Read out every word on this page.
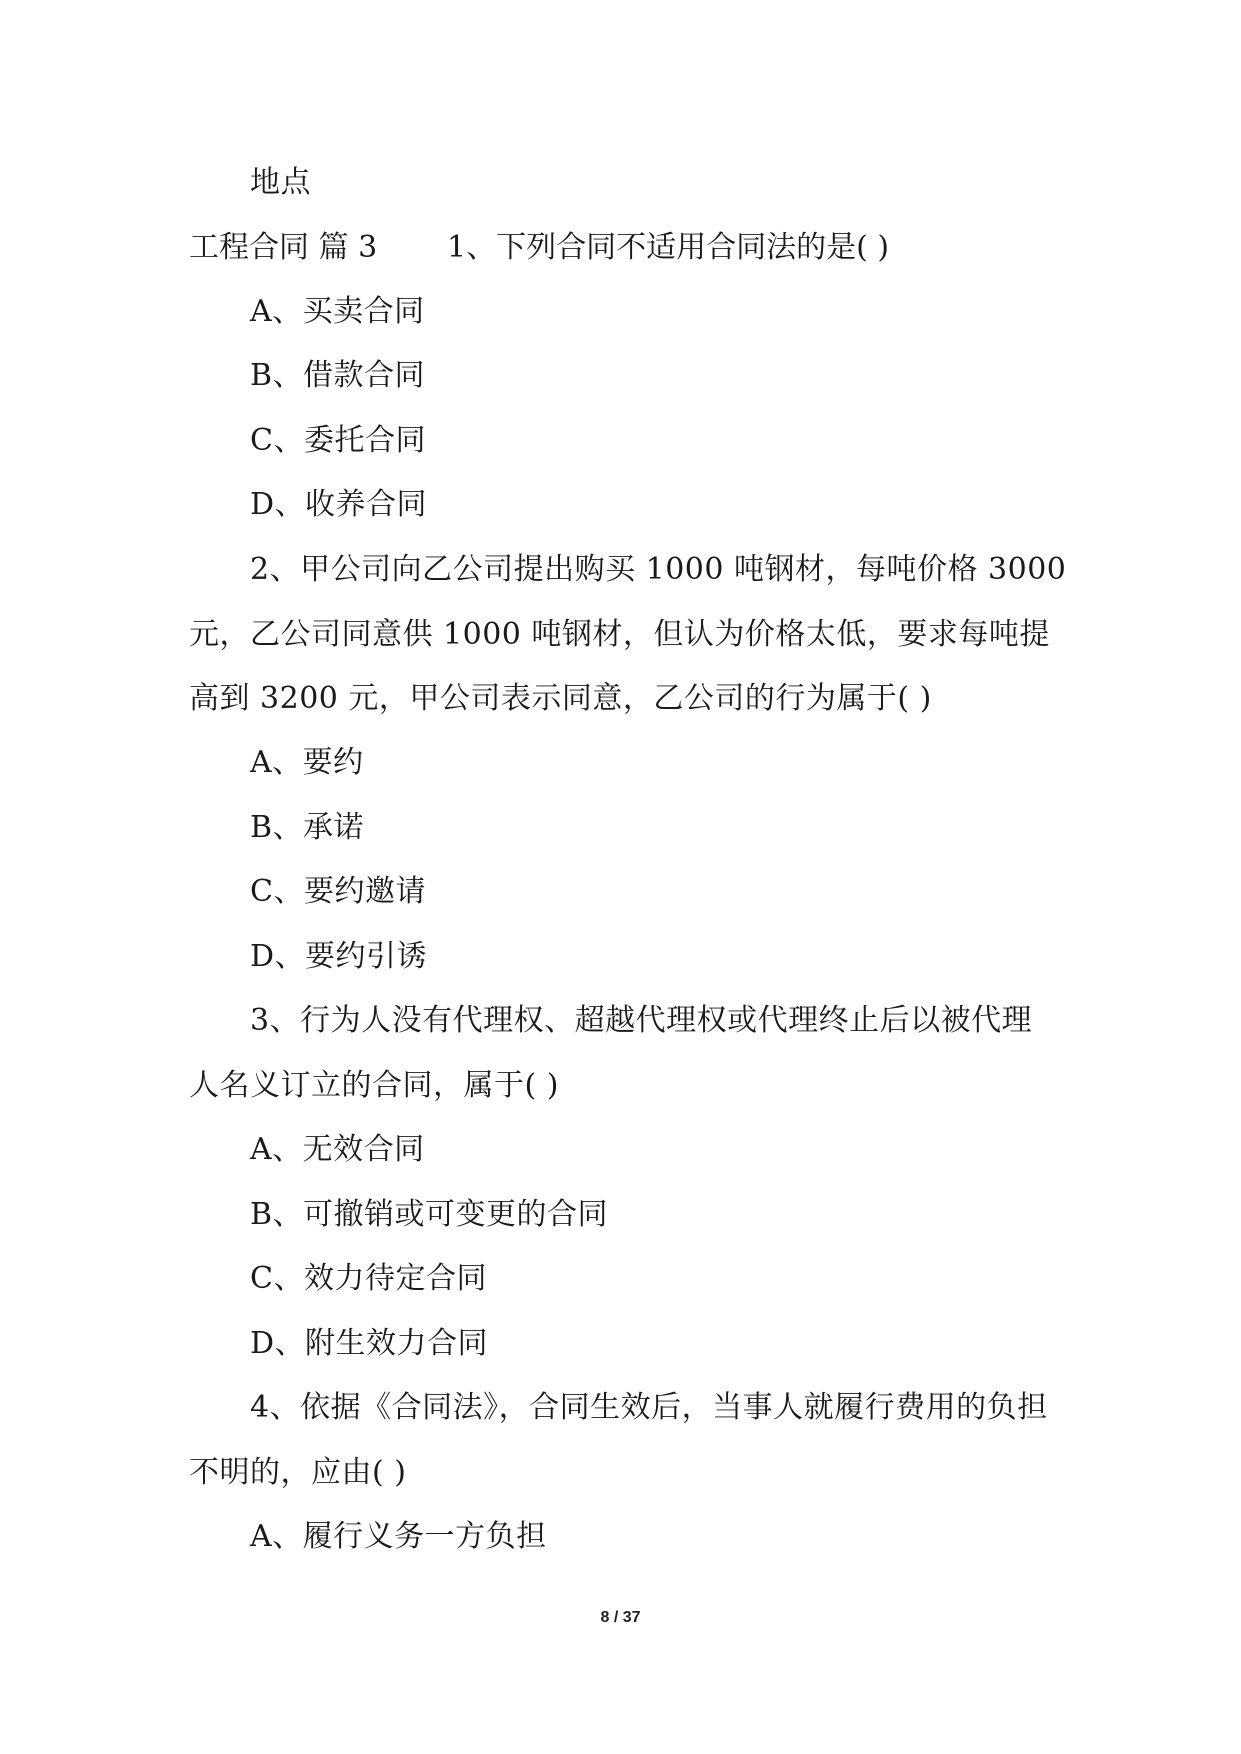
地点
工程合同 篇 3 1、下列合同不适用合同法的是( )
A、买卖合同
B、借款合同
C、委托合同
D、收养合同
2、甲公司向乙公司提出购买 1000 吨钢材，每吨价格 3000
元，乙公司同意供 1000 吨钢材，但认为价格太低，要求每吨提
高到 3200 元，甲公司表示同意，乙公司的行为属于( )
A、要约
B、承诺
C、要约邀请
D、要约引诱
3、行为人没有代理权、超越代理权或代理终止后以被代理
人名义订立的合同，属于( )
A、无效合同
B、可撤销或可变更的合同
C、效力待定合同
D、附生效力合同
4、依据《合同法》，合同生效后，当事人就履行费用的负担
不明的，应由( )
A、履行义务一方负担
8 / 37
